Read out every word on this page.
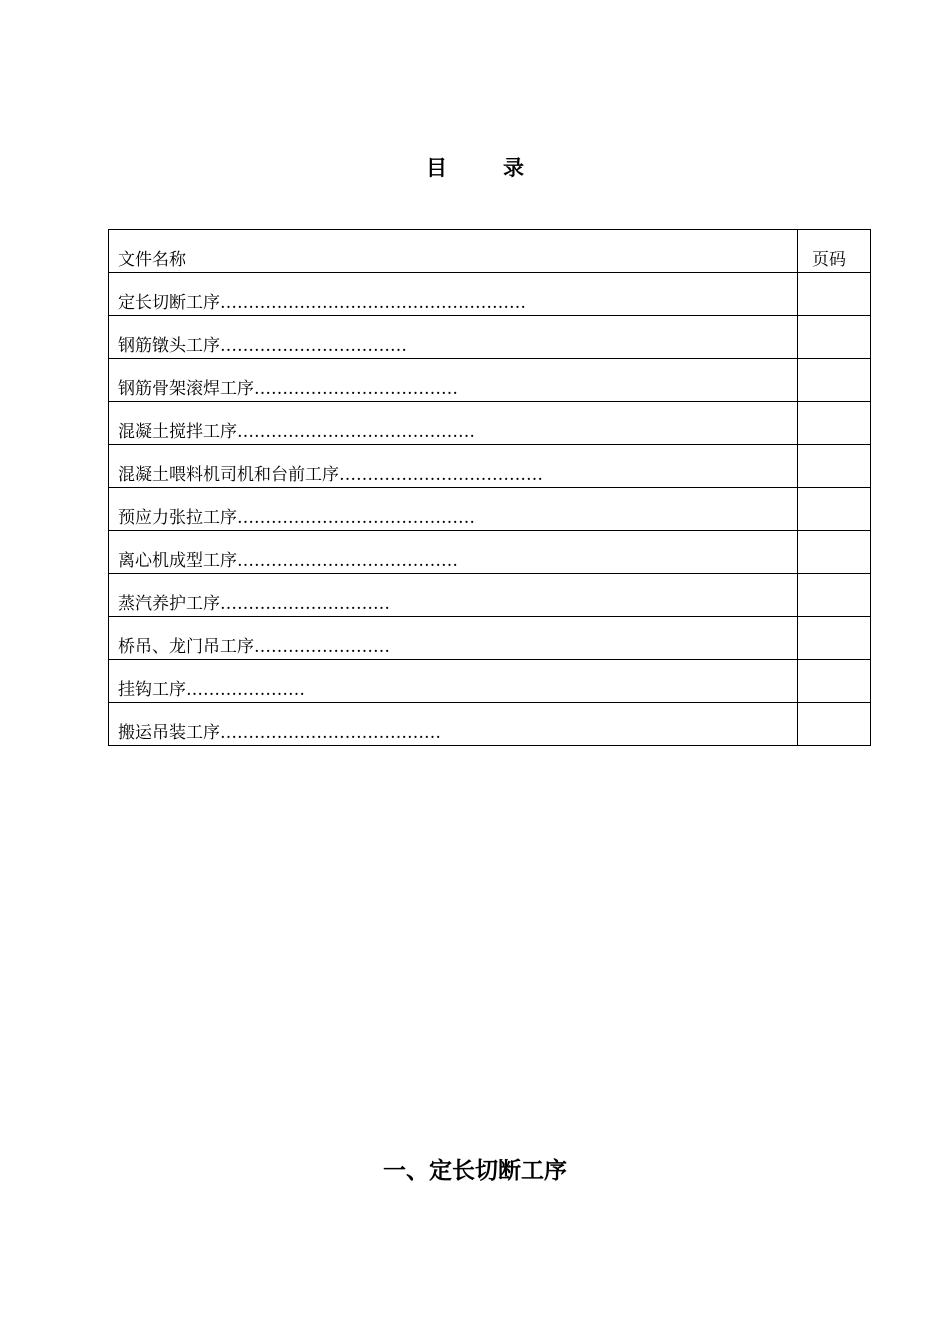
目	录
文件名称	页码
定长切断工序………………………………………………	
钢筋镦头工序……………………………	
钢筋骨架滚焊工序………………………………	
混凝土搅拌工序……………………………………	
混凝土喂料机司机和台前工序………………………………	
预应力张拉工序……………………………………	
离心机成型工序…………………………………	
蒸汽养护工序…………………………	
桥吊、龙门吊工序……………………	
挂钩工序…………………	
搬运吊装工序…………………………………	
一、定长切断工序
